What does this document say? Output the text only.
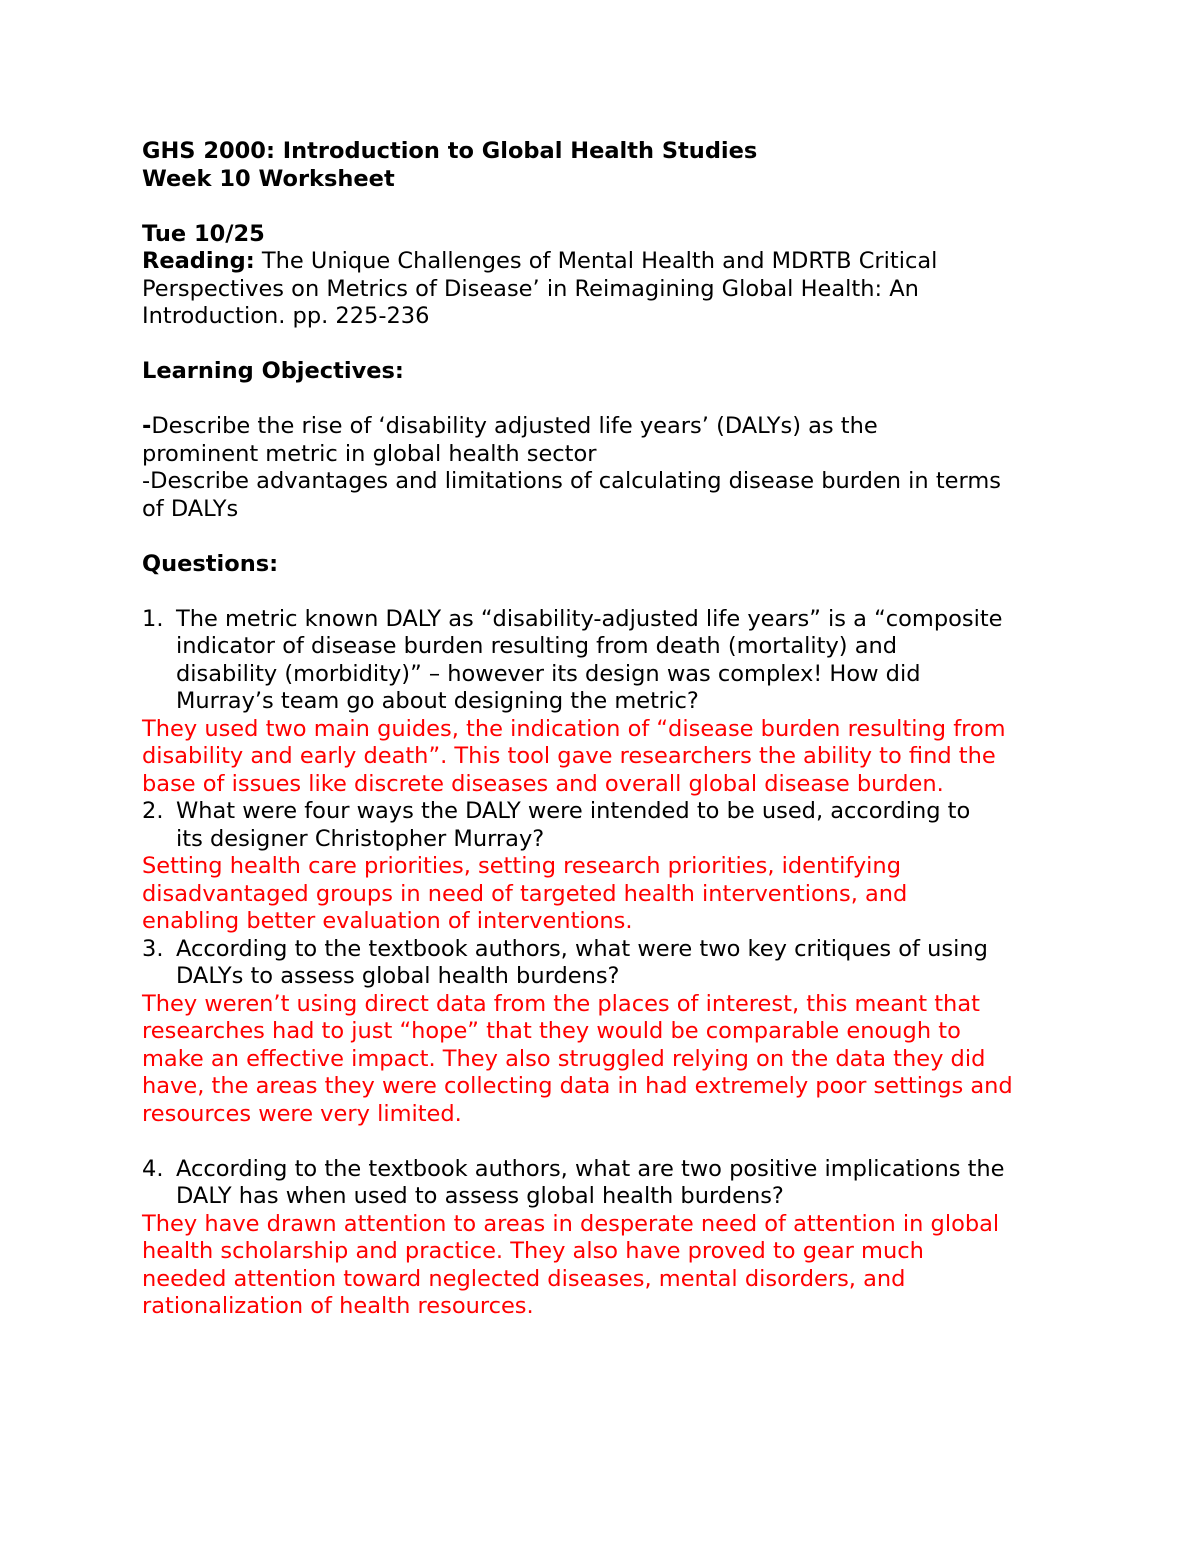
GHS 2000: Introduction to Global Health Studies
Week 10 Worksheet
Tue 10/25
Reading: The Unique Challenges of Mental Health and MDRTB Critical
Perspectives on Metrics of Disease’ in Reimagining Global Health: An
Introduction. pp. 225-236
Learning Objectives:
-Describe the rise of ‘disability adjusted life years’ (DALYs) as the
prominent metric in global health sector
-Describe advantages and limitations of calculating disease burden in terms
of DALYs
Questions:
1. The metric known DALY as “disability-adjusted life years” is a “composite
indicator of disease burden resulting from death (mortality) and
disability (morbidity)” – however its design was complex! How did
Murray’s team go about designing the metric?
They used two main guides, the indication of “disease burden resulting from
disability and early death”. This tool gave researchers the ability to find the
base of issues like discrete diseases and overall global disease burden.
2. What were four ways the DALY were intended to be used, according to
its designer Christopher Murray?
Setting health care priorities, setting research priorities, identifying
disadvantaged groups in need of targeted health interventions, and
enabling better evaluation of interventions.
3. According to the textbook authors, what were two key critiques of using
DALYs to assess global health burdens?
They weren’t using direct data from the places of interest, this meant that
researches had to just “hope” that they would be comparable enough to
make an effective impact. They also struggled relying on the data they did
have, the areas they were collecting data in had extremely poor settings and
resources were very limited.
4. According to the textbook authors, what are two positive implications the
DALY has when used to assess global health burdens?
They have drawn attention to areas in desperate need of attention in global
health scholarship and practice. They also have proved to gear much
needed attention toward neglected diseases, mental disorders, and
rationalization of health resources.
